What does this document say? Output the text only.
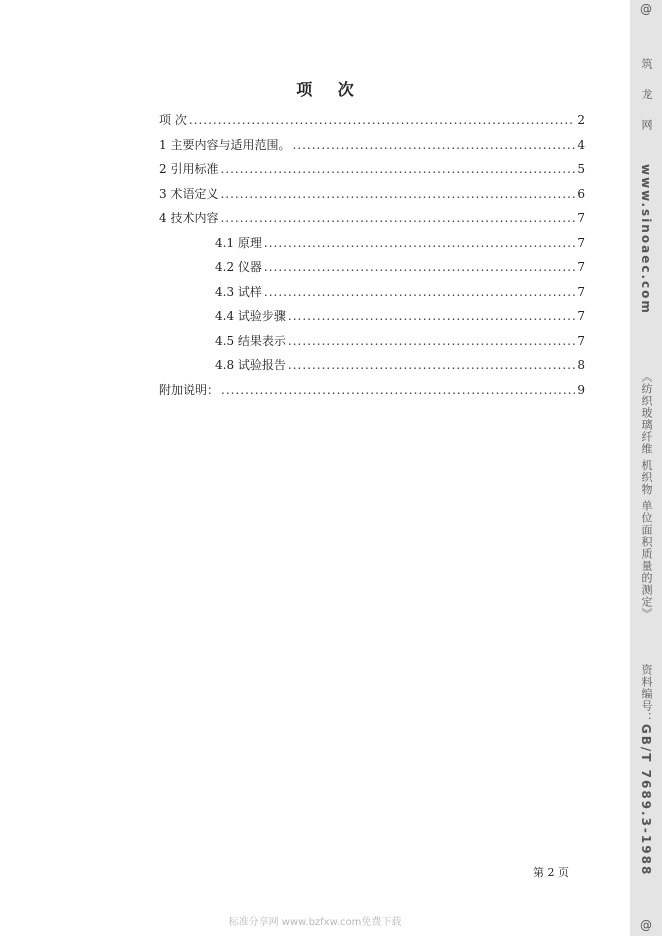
项 次
项 次 .....	2
1 主要内容与适用范围。 .....	4
2 引用标准 .....	5
3 术语定义 .....	6
4 技术内容 .....	7
4.1 原理 .....	7
4.2 仪器 .....	7
4.3 试样 .....	7
4.4 试验步骤 .....	7
4.5 结果表示 .....	7
4.8 试验报告 .....	8
附加说明： .....	9
第 2 页
标准分享网 www.bzfxw.com免费下载
@
筑 龙 网www.sinoaec.com《纺织玻璃纤维 机织物 单位面积质量的测定》资料编号：GB/T 7689.3-1988
@
